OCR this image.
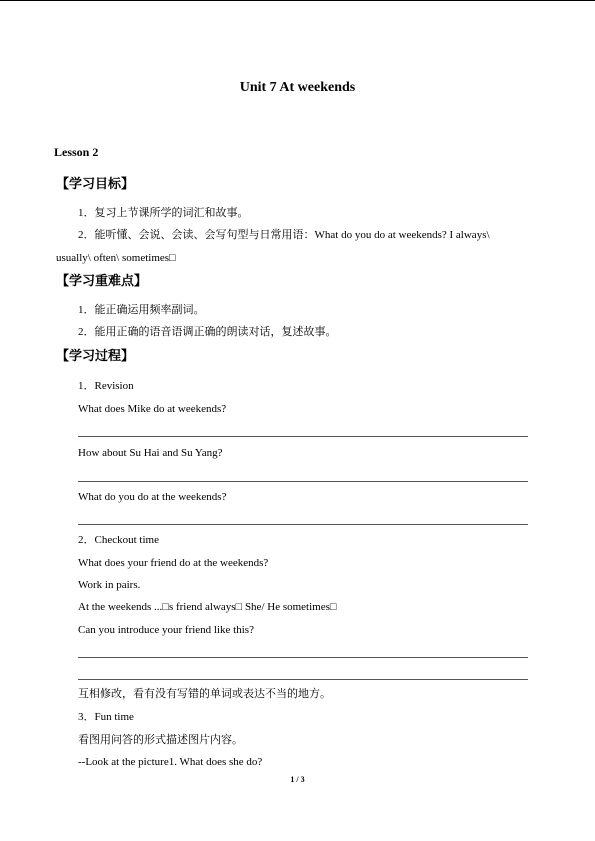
Unit 7 At weekends
Lesson 2
【学习目标】
1．复习上节课所学的词汇和故事。
2．能听懂、会说、会读、会写句型与日常用语：What do you do at weekends? I always\
usually\ often\ sometimes□
【学习重难点】
1．能正确运用频率副词。
2．能用正确的语音语调正确的朗读对话，复述故事。
【学习过程】
1．Revision
What does Mike do at weekends?
How about Su Hai and Su Yang?
What do you do at the weekends?
2．Checkout time
What does your friend do at the weekends?
Work in pairs.
At the weekends ...□s friend always□ She/ He sometimes□
Can you introduce your friend like this?
互相修改，看有没有写错的单词或表达不当的地方。
3．Fun time
看图用问答的形式描述图片内容。
--Look at the picture1. What does she do?
1 / 3
